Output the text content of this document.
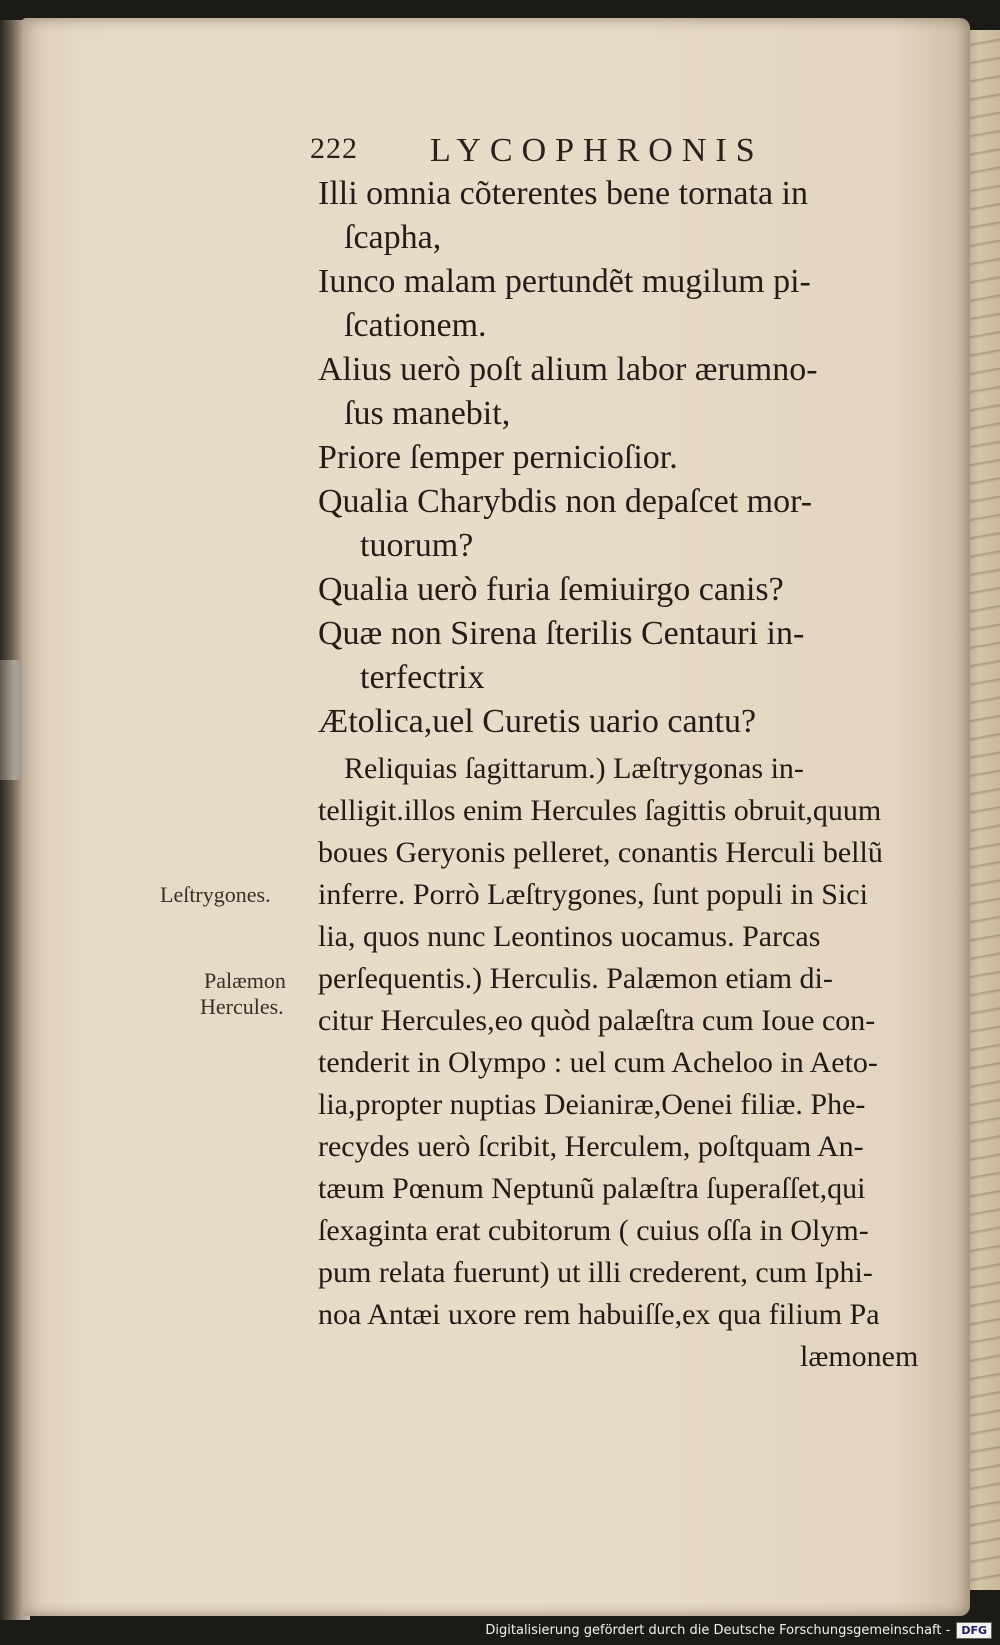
222 LYCOPHRONIS
Illi omnia cõterentes bene tornata in
ſcapha,
Iunco malam pertundẽt mugilum pi-
ſcationem.
Alius uerò poſt alium labor ærumno-
ſus manebit,
Priore ſemper pernicioſior.
Qualia Charybdis non depaſcet mor-
tuorum?
Qualia uerò furia ſemiuirgo canis?
Quæ non Sirena ſterilis Centauri in-
terfectrix
Ætolica,uel Curetis uario cantu?
Reliquias ſagittarum.) Læſtrygonas in-
telligit.illos enim Hercules ſagittis obruit,quum
boues Geryonis pelleret, conantis Herculi bellũ
inferre. Porrò Læſtrygones, ſunt populi in Sici
lia, quos nunc Leontinos uocamus. Parcas
perſequentis.) Herculis. Palæmon etiam di-
citur Hercules,eo quòd palæſtra cum Ioue con-
tenderit in Olympo : uel cum Acheloo in Aeto-
lia,propter nuptias Deianiræ,Oenei filiæ. Phe-
recydes uerò ſcribit, Herculem, poſtquam An-
tæum Pœnum Neptunũ palæſtra ſuperaſſet,qui
ſexaginta erat cubitorum ( cuius oſſa in Olym-
pum relata fuerunt) ut illi crederent, cum Iphi-
noa Antæi uxore rem habuiſſe,ex qua filium Pa
læmonem
Leſtrygones.
Palæmon
Hercules.
Digitalisierung gefördert durch die Deutsche Forschungsgemeinschaft -	DFG
